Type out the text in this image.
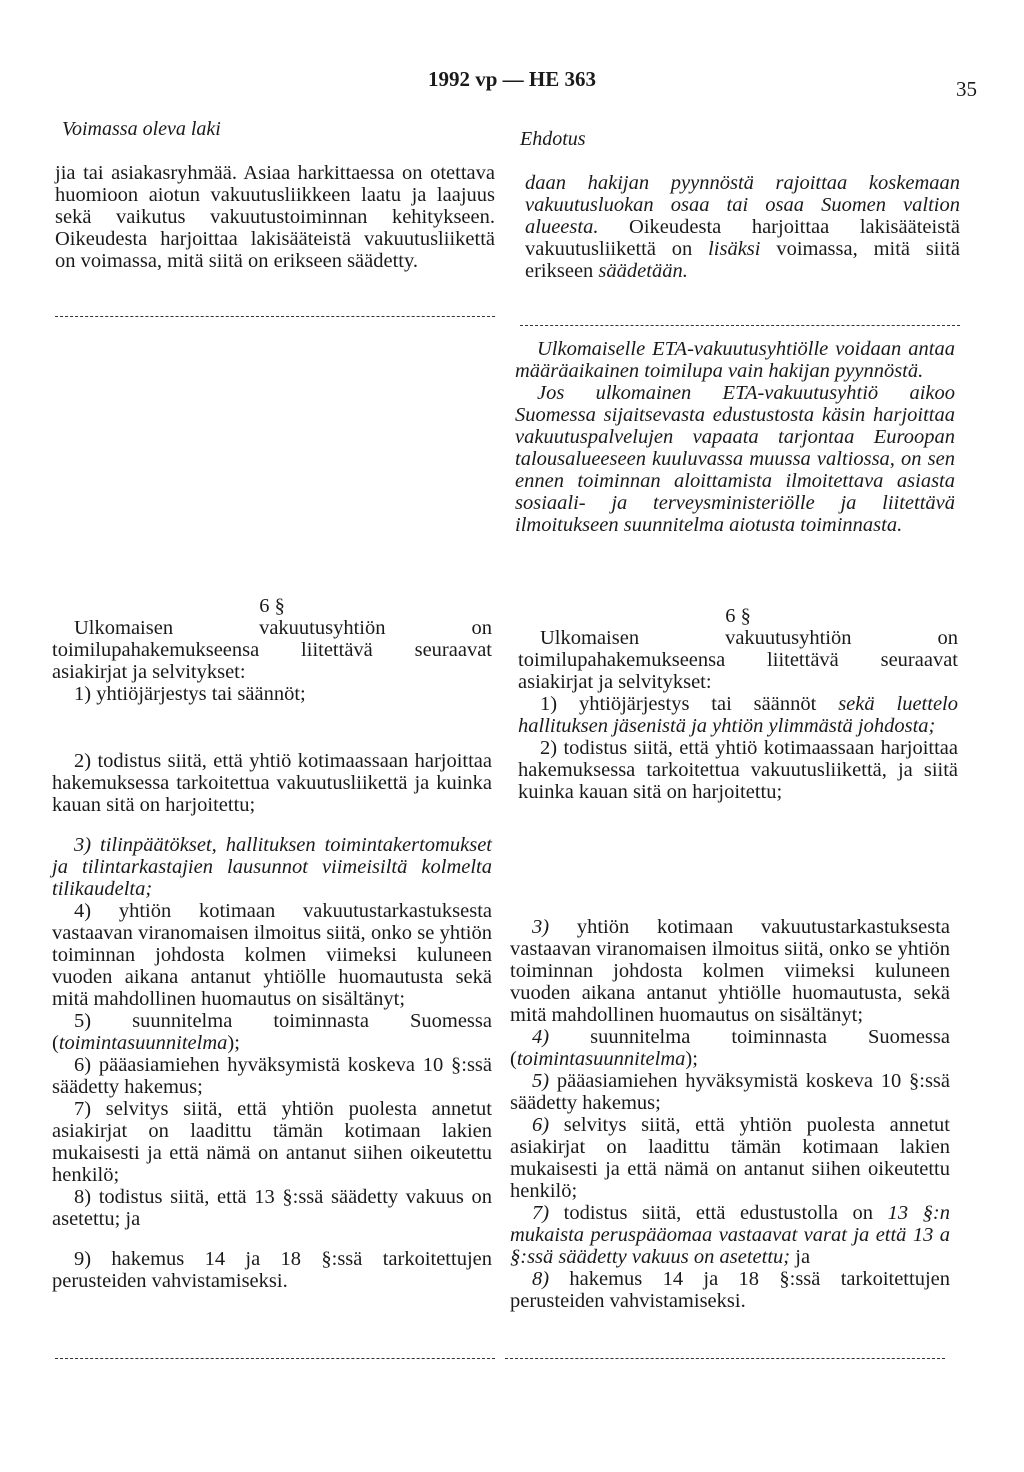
1992 vp — HE 363	35
Voimassa oleva laki	Ehdotus

jia tai asiakasryhmää. Asiaa harkittaessa on otettava huomioon aiotun vakuutusliikkeen laatu ja laajuus sekä vaikutus vakuutustoiminnan kehitykseen. Oikeudesta harjoittaa lakisääteistä vakuutusliikettä on voimassa, mitä siitä on erikseen säädetty.

6 §

Ulkomaisen vakuutusyhtiön on toimilupahakemukseensa liitettävä seuraavat asiakirjat ja selvitykset:

1) yhtiöjärjestys tai säännöt;

2) todistus siitä, että yhtiö kotimaassaan harjoittaa hakemuksessa tarkoitettua vakuutusliikettä ja kuinka kauan sitä on harjoitettu;

3) tilinpäätökset, hallituksen toimintakertomukset ja tilintarkastajien lausunnot viimeisiltä kolmelta tilikaudelta;

4) yhtiön kotimaan vakuutustarkastuksesta vastaavan viranomaisen ilmoitus siitä, onko se yhtiön toiminnan johdosta kolmen viimeksi kuluneen vuoden aikana antanut yhtiölle huomautusta sekä mitä mahdollinen huomautus on sisältänyt;

5) suunnitelma toiminnasta Suomessa (toimintasuunnitelma);

6) pääasiamiehen hyväksymistä koskeva 10 §:ssä säädetty hakemus;

7) selvitys siitä, että yhtiön puolesta annetut asiakirjat on laadittu tämän kotimaan lakien mukaisesti ja että nämä on antanut siihen oikeutettu henkilö;

8) todistus siitä, että 13 §:ssä säädetty vakuus on asetettu; ja

9) hakemus 14 ja 18 §:ssä tarkoitettujen perusteiden vahvistamiseksi.

daan hakijan pyynnöstä rajoittaa koskemaan vakuutusluokan osaa tai osaa Suomen valtion alueesta. Oikeudesta harjoittaa lakisääteistä vakuutusliikettä on lisäksi voimassa, mitä siitä erikseen säädetään.

Ulkomaiselle ETA-vakuutusyhtiölle voidaan antaa määräaikainen toimilupa vain hakijan pyynnöstä.

Jos ulkomainen ETA-vakuutusyhtiö aikoo Suomessa sijaitsevasta edustustosta käsin harjoittaa vakuutuspalvelujen vapaata tarjontaa Euroopan talousalueeseen kuuluvassa muussa valtiossa, on sen ennen toiminnan aloittamista ilmoitettava asiasta sosiaali- ja terveysministeriölle ja liitettävä ilmoitukseen suunnitelma aiotusta toiminnasta.

6 §

Ulkomaisen vakuutusyhtiön on toimilupahakemukseensa liitettävä seuraavat asiakirjat ja selvitykset:

1) yhtiöjärjestys tai säännöt sekä luettelo hallituksen jäsenistä ja yhtiön ylimmästä johdosta;

2) todistus siitä, että yhtiö kotimaassaan harjoittaa hakemuksessa tarkoitettua vakuutusliikettä, ja siitä kuinka kauan sitä on harjoitettu;

3) yhtiön kotimaan vakuutustarkastuksesta vastaavan viranomaisen ilmoitus siitä, onko se yhtiön toiminnan johdosta kolmen viimeksi kuluneen vuoden aikana antanut yhtiölle huomautusta, sekä mitä mahdollinen huomautus on sisältänyt;

4) suunnitelma toiminnasta Suomessa (toimintasuunnitelma);

5) pääasiamiehen hyväksymistä koskeva 10 §:ssä säädetty hakemus;

6) selvitys siitä, että yhtiön puolesta annetut asiakirjat on laadittu tämän kotimaan lakien mukaisesti ja että nämä on antanut siihen oikeutettu henkilö;

7) todistus siitä, että edustustolla on 13 §:n mukaista peruspääomaa vastaavat varat ja että 13 a §:ssä säädetty vakuus on asetettu; ja

8) hakemus 14 ja 18 §:ssä tarkoitettujen perusteiden vahvistamiseksi.
